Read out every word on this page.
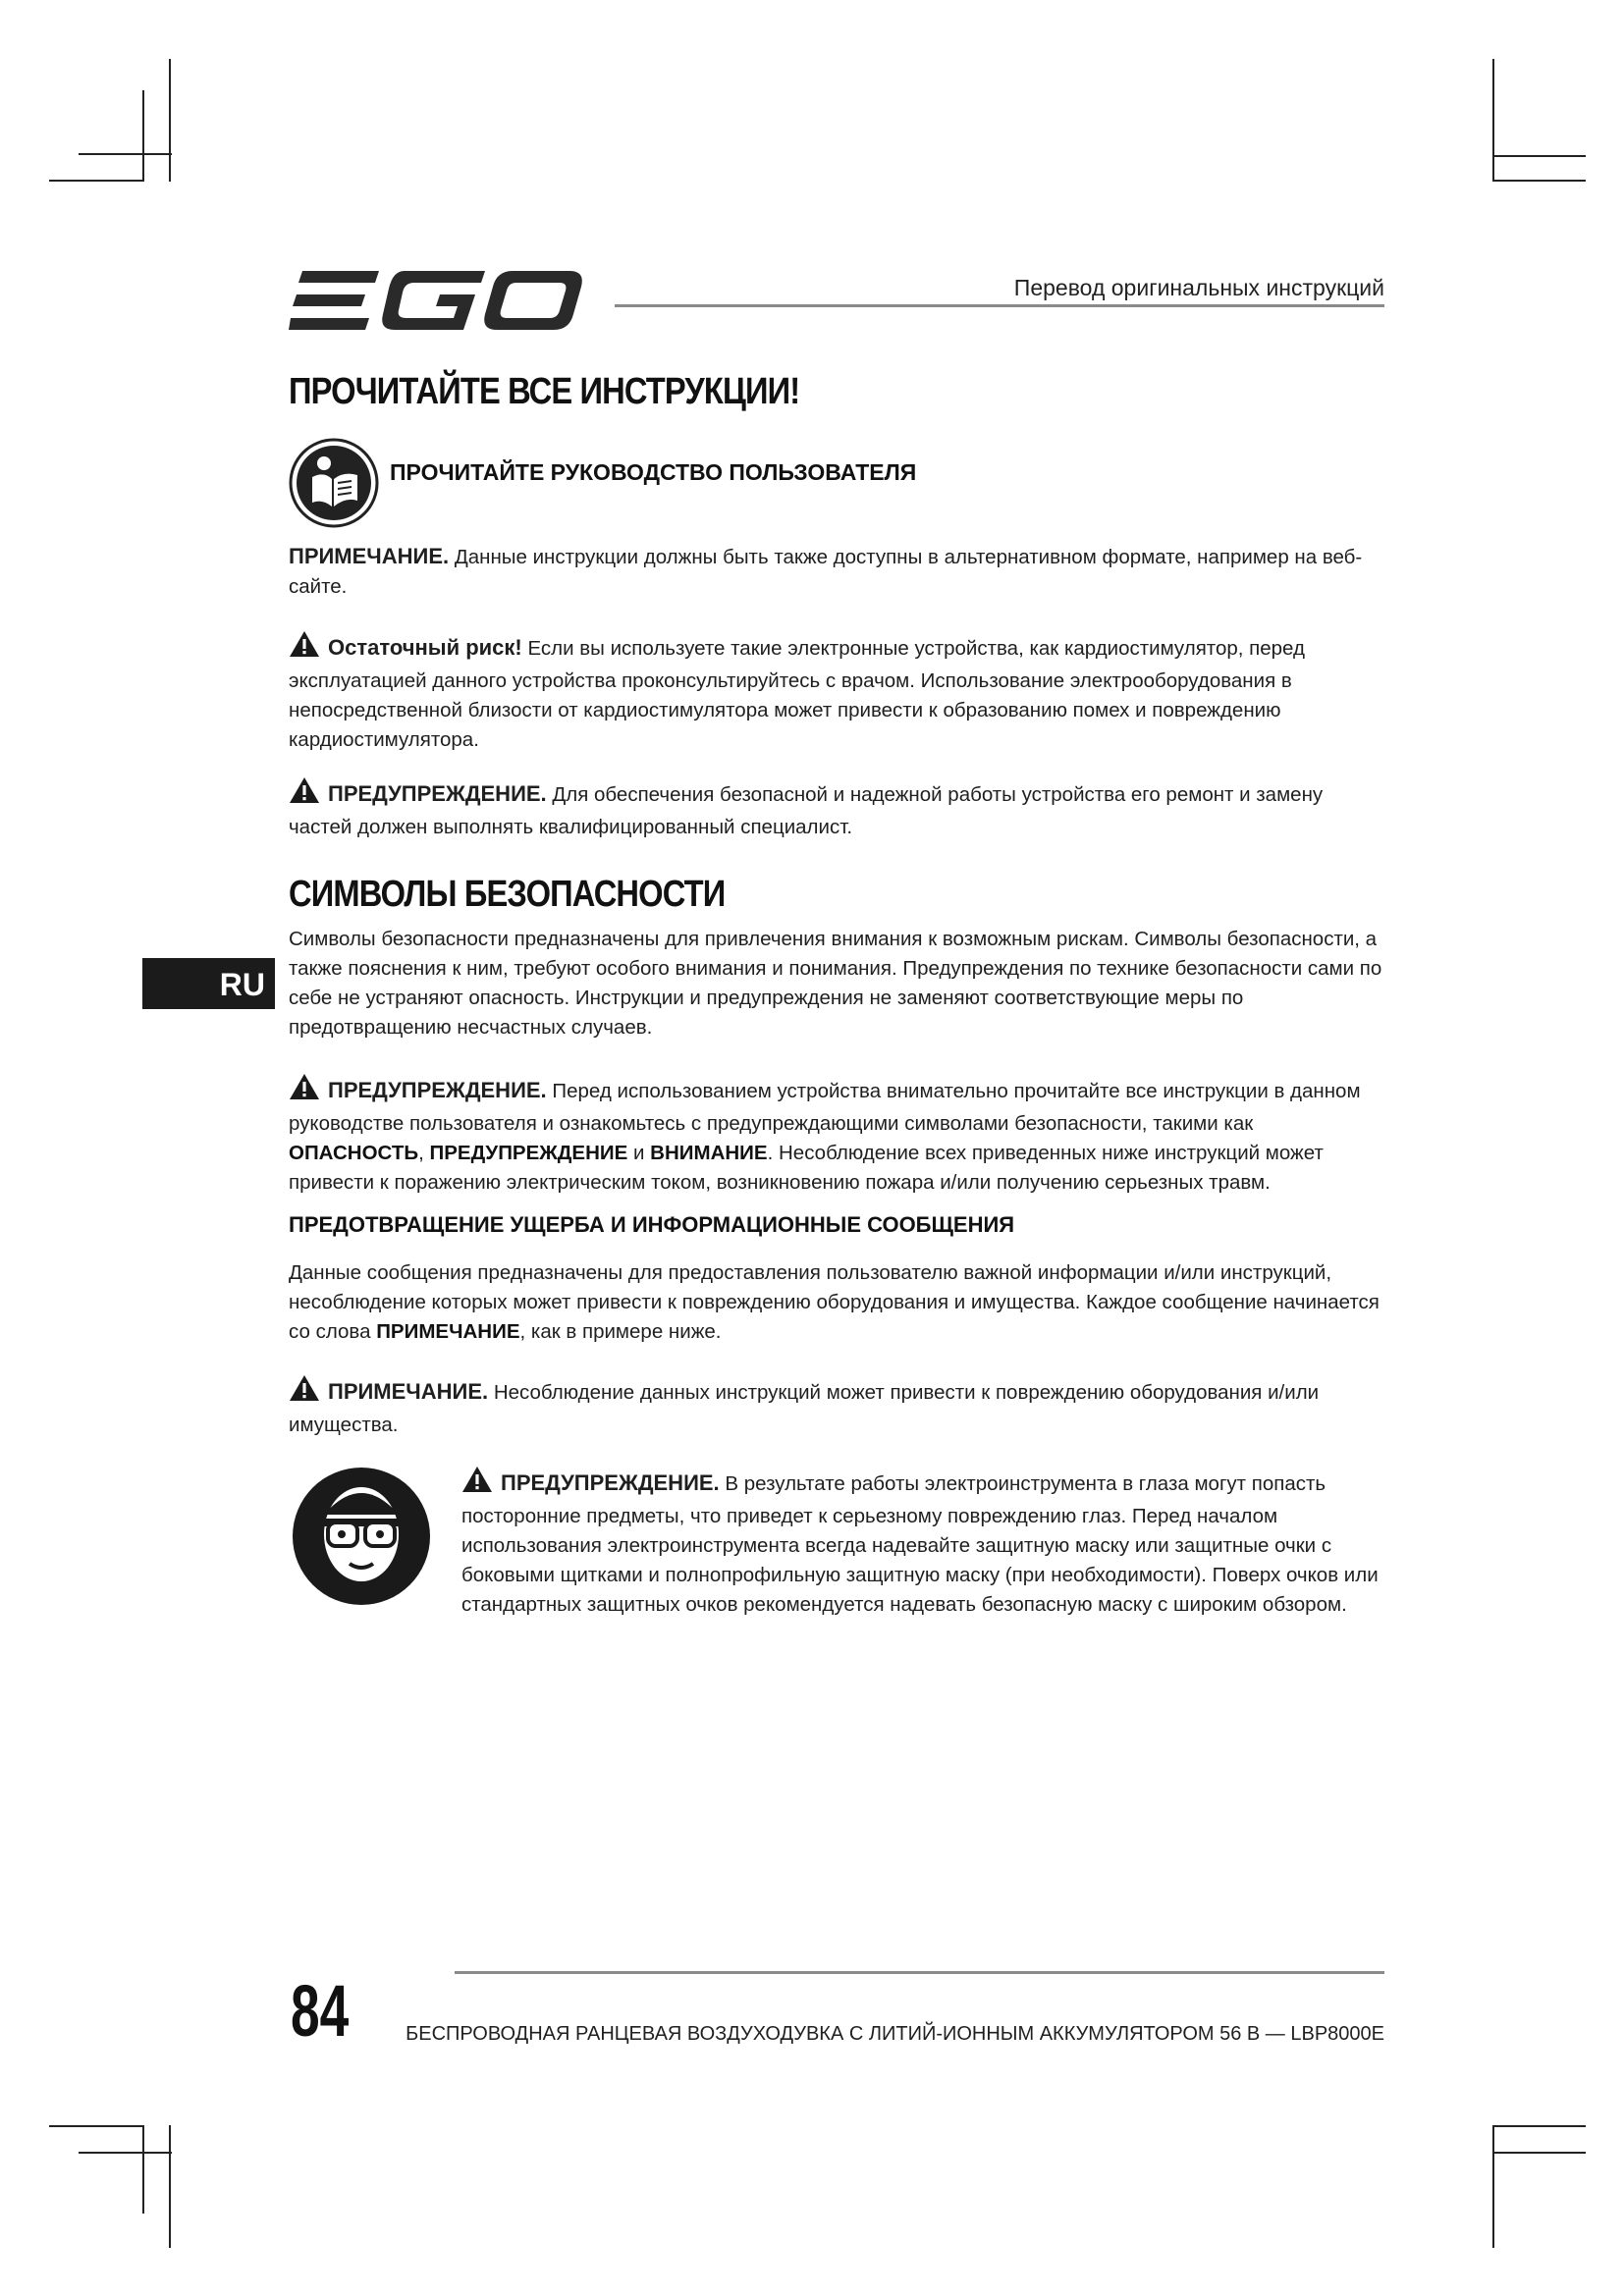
Перевод оригинальных инструкций
ПРОЧИТАЙТЕ ВСЕ ИНСТРУКЦИИ!
ПРОЧИТАЙТЕ РУКОВОДСТВО ПОЛЬЗОВАТЕЛЯ
ПРИМЕЧАНИЕ. Данные инструкции должны быть также доступны в альтернативном формате, например на веб-сайте.
Остаточный риск! Если вы используете такие электронные устройства, как кардиостимулятор, перед эксплуатацией данного устройства проконсультируйтесь с врачом. Использование электрооборудования в непосредственной близости от кардиостимулятора может привести к образованию помех и повреждению кардиостимулятора.
ПРЕДУПРЕЖДЕНИЕ. Для обеспечения безопасной и надежной работы устройства его ремонт и замену частей должен выполнять квалифицированный специалист.
RU
СИМВОЛЫ БЕЗОПАСНОСТИ
Символы безопасности предназначены для привлечения внимания к возможным рискам. Символы безопасности, а также пояснения к ним, требуют особого внимания и понимания. Предупреждения по технике безопасности сами по себе не устраняют опасность. Инструкции и предупреждения не заменяют соответствующие меры по предотвращению несчастных случаев.
ПРЕДУПРЕЖДЕНИЕ. Перед использованием устройства внимательно прочитайте все инструкции в данном руководстве пользователя и ознакомьтесь с предупреждающими символами безопасности, такими как ОПАСНОСТЬ, ПРЕДУПРЕЖДЕНИЕ и ВНИМАНИЕ. Несоблюдение всех приведенных ниже инструкций может привести к поражению электрическим током, возникновению пожара и/или получению серьезных травм.
ПРЕДОТВРАЩЕНИЕ УЩЕРБА И ИНФОРМАЦИОННЫЕ СООБЩЕНИЯ
Данные сообщения предназначены для предоставления пользователю важной информации и/или инструкций, несоблюдение которых может привести к повреждению оборудования и имущества. Каждое сообщение начинается со слова ПРИМЕЧАНИЕ, как в примере ниже.
ПРИМЕЧАНИЕ. Несоблюдение данных инструкций может привести к повреждению оборудования и/или имущества.
ПРЕДУПРЕЖДЕНИЕ. В результате работы электроинструмента в глаза могут попасть посторонние предметы, что приведет к серьезному повреждению глаз. Перед началом использования электроинструмента всегда надевайте защитную маску или защитные очки с боковыми щитками и полнопрофильную защитную маску (при необходимости). Поверх очков или стандартных защитных очков рекомендуется надевать безопасную маску с широким обзором.
84	БЕСПРОВОДНАЯ РАНЦЕВАЯ ВОЗДУХОДУВКА С ЛИТИЙ-ИОННЫМ АККУМУЛЯТОРОМ 56 В — LBP8000E
